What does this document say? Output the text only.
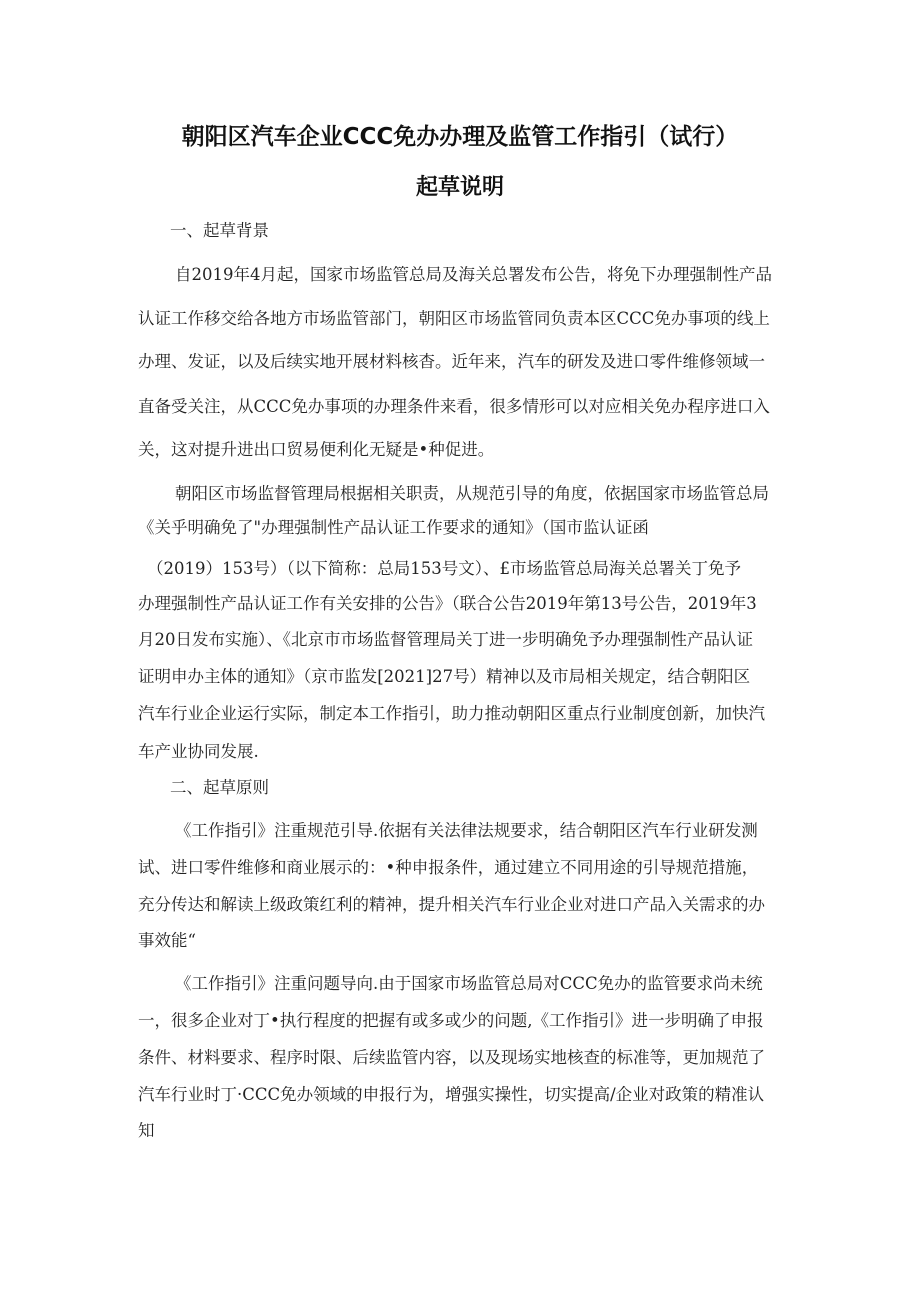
朝阳区汽车企业CCC免办办理及监管工作指引（试行）
起草说明
一、起草背景
自2019年4月起，国家市场监管总局及海关总署发布公告，将免下办理强制性产品
认证工作移交给各地方市场监管部门，朝阳区市场监管同负责本区CCC免办事项的线上
办理、发证，以及后续实地开展材料核杳。近年来，汽车的研发及进口零件维修领域一
直备受关注，从CCC免办事项的办理条件来看，很多情形可以对应相关免办程序进口入
关，这对提升进出口贸易便利化无疑是•种促进。
朝阳区市场监督管理局根据相关职责，从规范引导的角度，依据国家市场监管总局
《关乎明确免了"办理强制性产品认证工作要求的通知》（国市监认证函
（2019）153号）（以下简称：总局153号文）、£市场监管总局海关总署关丁免予
办理强制性产品认证工作有关安排的公告》（联合公告2019年第13号公告，2019年3
月20日发布实施）、《北京市市场监督管理局关丁进一步明确免予办理强制性产品认证
证明申办主体的通知》（京市监发[2021]27号）精神以及市局相关规定，结合朝阳区
汽车行业企业运行实际，制定本工作指引，助力推动朝阳区重点行业制度创新，加快汽
车产业协同发展.
二、起草原则
《工作指引》注重规范引导.依据有关法律法规要求，结合朝阳区汽车行业研发测
试、进口零件维修和商业展示的：•种申报条件，通过建立不同用途的引导规范措施，
充分传达和解读上级政策红利的精神，提升相关汽车行业企业对进口产品入关需求的办
事效能“
《工作指引》注重问题导向.由于国家市场监管总局对CCC免办的监管要求尚未统
一，很多企业对丁•执行程度的把握有或多或少的问题,《工作指引》进一步明确了申报
条件、材料要求、程序时限、后续监管内容，以及现场实地核查的标准等，更加规范了
汽车行业时丁·CCC免办领域的申报行为，增强实操性，切实提高/企业对政策的精准认
知
